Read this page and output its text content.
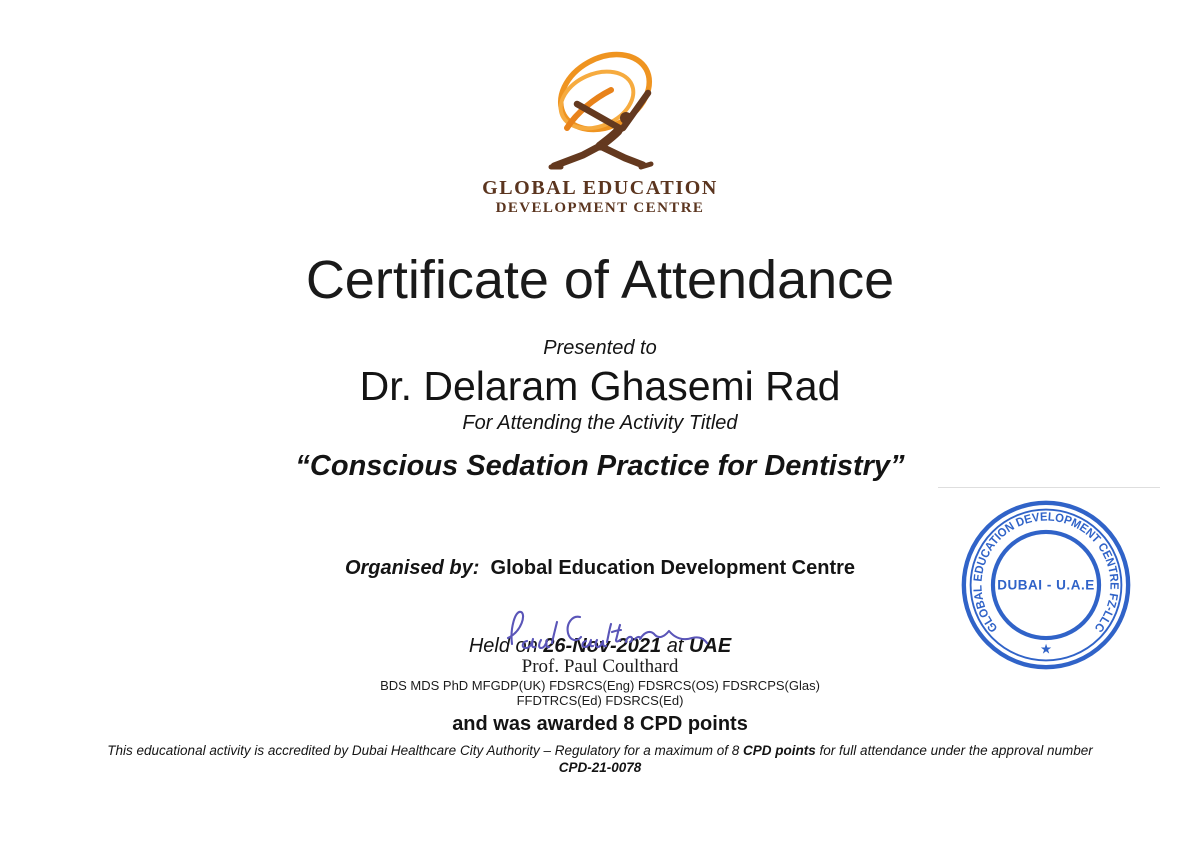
GLOBAL EDUCATION
DEVELOPMENT CENTRE
Certificate of Attendance
Presented to
Dr. Delaram Ghasemi Rad
For Attending the Activity Titled
“Conscious Sedation Practice for Dentistry”

Organised by:  Global Education Development Centre

Held on 26-Nov-2021 at UAE

and was awarded 8 CPD points

Prof. Paul Coulthard
BDS MDS PhD MFGDP(UK) FDSRCS(Eng) FDSRCS(OS) FDSRCPS(Glas)
FFDTRCS(Ed) FDSRCS(Ed)
This educational activity is accredited by Dubai Healthcare City Authority – Regulatory for a maximum of 8 CPD points for full attendance under the approval number
CPD-21-0078
GLOBAL EDUCATION DEVELOPMENT CENTRE FZ-LLC
★
DUBAI - U.A.E
